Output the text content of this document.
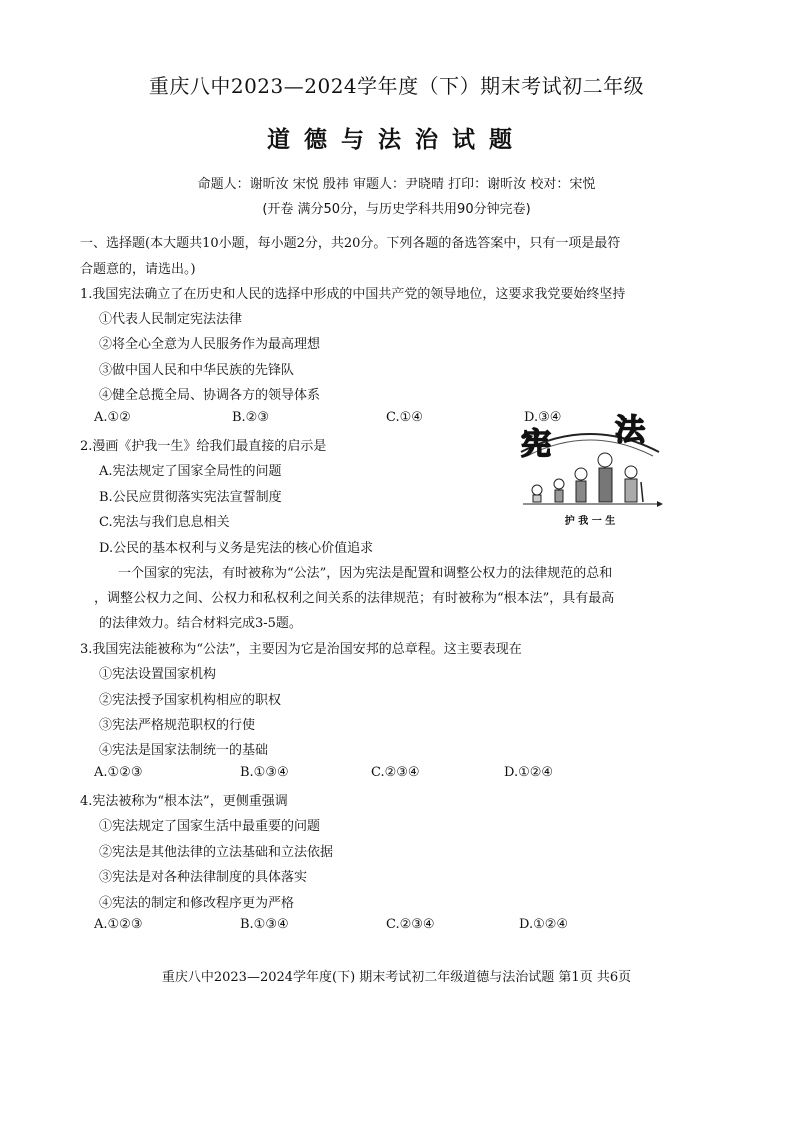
重庆八中2023—2024学年度（下）期末考试初二年级
道德与法治试题
命题人：谢昕汝 宋悦 殷祎 审题人：尹晓晴 打印：谢昕汝 校对：宋悦
(开卷 满分50分，与历史学科共用90分钟完卷)
一、选择题(本大题共10小题，每小题2分，共20分。下列各题的备选答案中，只有一项是最符
合题意的，请选出。)
1.我国宪法确立了在历史和人民的选择中形成的中国共产党的领导地位，这要求我党要始终坚持
①代表人民制定宪法法律
②将全心全意为人民服务作为最高理想
③做中国人民和中华民族的先锋队
④健全总揽全局、协调各方的领导体系
A.①②	B.②③	C.①④	D.③④
2.漫画《护我一生》给我们最直接的启示是
A.宪法规定了国家全局性的问题
B.公民应贯彻落实宪法宣誓制度
C.宪法与我们息息相关
D.公民的基本权利与义务是宪法的核心价值追求
宪 法
护 我 一 生
一个国家的宪法，有时被称为“公法”，因为宪法是配置和调整公权力的法律规范的总和
，调整公权力之间、公权力和私权利之间关系的法律规范；有时被称为“根本法”，具有最高
的法律效力。结合材料完成3-5题。
3.我国宪法能被称为“公法”，主要因为它是治国安邦的总章程。这主要表现在
①宪法设置国家机构
②宪法授予国家机构相应的职权
③宪法严格规范职权的行使
④宪法是国家法制统一的基础
A.①②③	B.①③④	C.②③④	D.①②④
4.宪法被称为“根本法”，更侧重强调
①宪法规定了国家生活中最重要的问题
②宪法是其他法律的立法基础和立法依据
③宪法是对各种法律制度的具体落实
④宪法的制定和修改程序更为严格
A.①②③	B.①③④	C.②③④	D.①②④
重庆八中2023—2024学年度(下) 期末考试初二年级道德与法治试题 第1页 共6页
